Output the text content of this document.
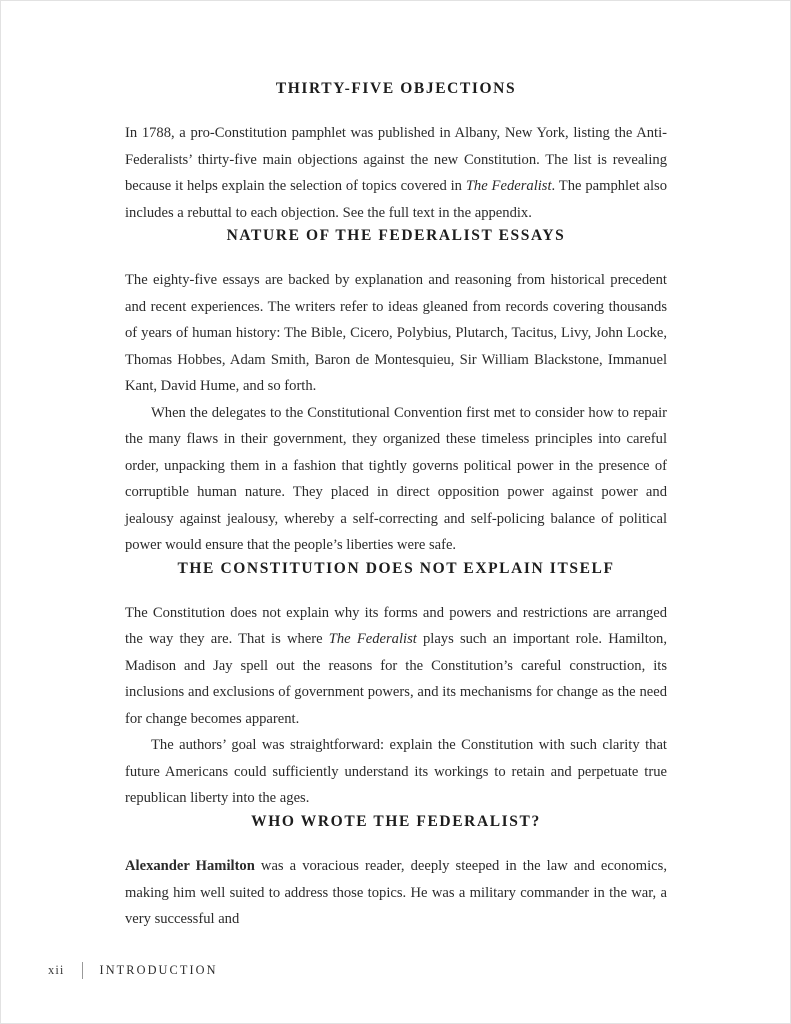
THIRTY-FIVE OBJECTIONS

In 1788, a pro-Constitution pamphlet was published in Albany, New York, listing the Anti-Federalists’ thirty-five main objections against the new Constitution. The list is revealing because it helps explain the selection of topics covered in The Federalist. The pamphlet also includes a rebuttal to each objection. See the full text in the appendix.

NATURE OF THE FEDERALIST ESSAYS

The eighty-five essays are backed by explanation and reasoning from historical precedent and recent experiences. The writers refer to ideas gleaned from records covering thousands of years of human history: The Bible, Cicero, Polybius, Plutarch, Tacitus, Livy, John Locke, Thomas Hobbes, Adam Smith, Baron de Montesquieu, Sir William Blackstone, Immanuel Kant, David Hume, and so forth.

When the delegates to the Constitutional Convention first met to consider how to repair the many flaws in their government, they organized these timeless principles into careful order, unpacking them in a fashion that tightly governs political power in the presence of corruptible human nature. They placed in direct opposition power against power and jealousy against jealousy, whereby a self-correcting and self-policing balance of political power would ensure that the people’s liberties were safe.

THE CONSTITUTION DOES NOT EXPLAIN ITSELF

The Constitution does not explain why its forms and powers and restrictions are arranged the way they are. That is where The Federalist plays such an important role. Hamilton, Madison and Jay spell out the reasons for the Constitution’s careful construction, its inclusions and exclusions of government powers, and its mechanisms for change as the need for change becomes apparent.

The authors’ goal was straightforward: explain the Constitution with such clarity that future Americans could sufficiently understand its workings to retain and perpetuate true republican liberty into the ages.

WHO WROTE THE FEDERALIST?

Alexander Hamilton was a voracious reader, deeply steeped in the law and economics, making him well suited to address those topics. He was a military commander in the war, a very successful and

xii	INTRODUCTION
